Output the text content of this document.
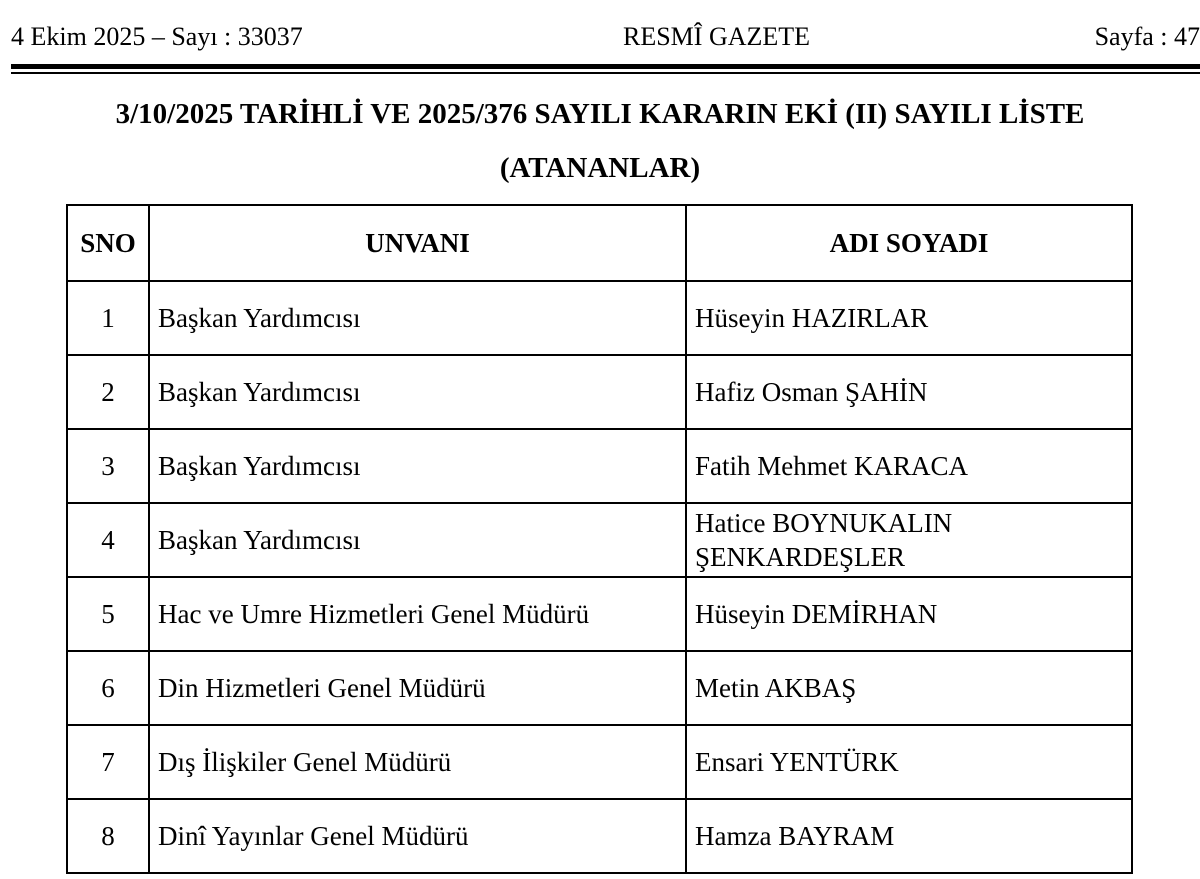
4 Ekim 2025 – Sayı : 33037	RESMÎ GAZETE	Sayfa : 47
3/10/2025 TARİHLİ VE 2025/376 SAYILI KARARIN EKİ (II) SAYILI LİSTE
(ATANANLAR)
SNO	UNVANI	ADI SOYADI
1	Başkan Yardımcısı	Hüseyin HAZIRLAR
2	Başkan Yardımcısı	Hafiz Osman ŞAHİN
3	Başkan Yardımcısı	Fatih Mehmet KARACA
4	Başkan Yardımcısı	Hatice BOYNUKALIN ŞENKARDEŞLER
5	Hac ve Umre Hizmetleri Genel Müdürü	Hüseyin DEMİRHAN
6	Din Hizmetleri Genel Müdürü	Metin AKBAŞ
7	Dış İlişkiler Genel Müdürü	Ensari YENTÜRK
8	Dinî Yayınlar Genel Müdürü	Hamza BAYRAM
